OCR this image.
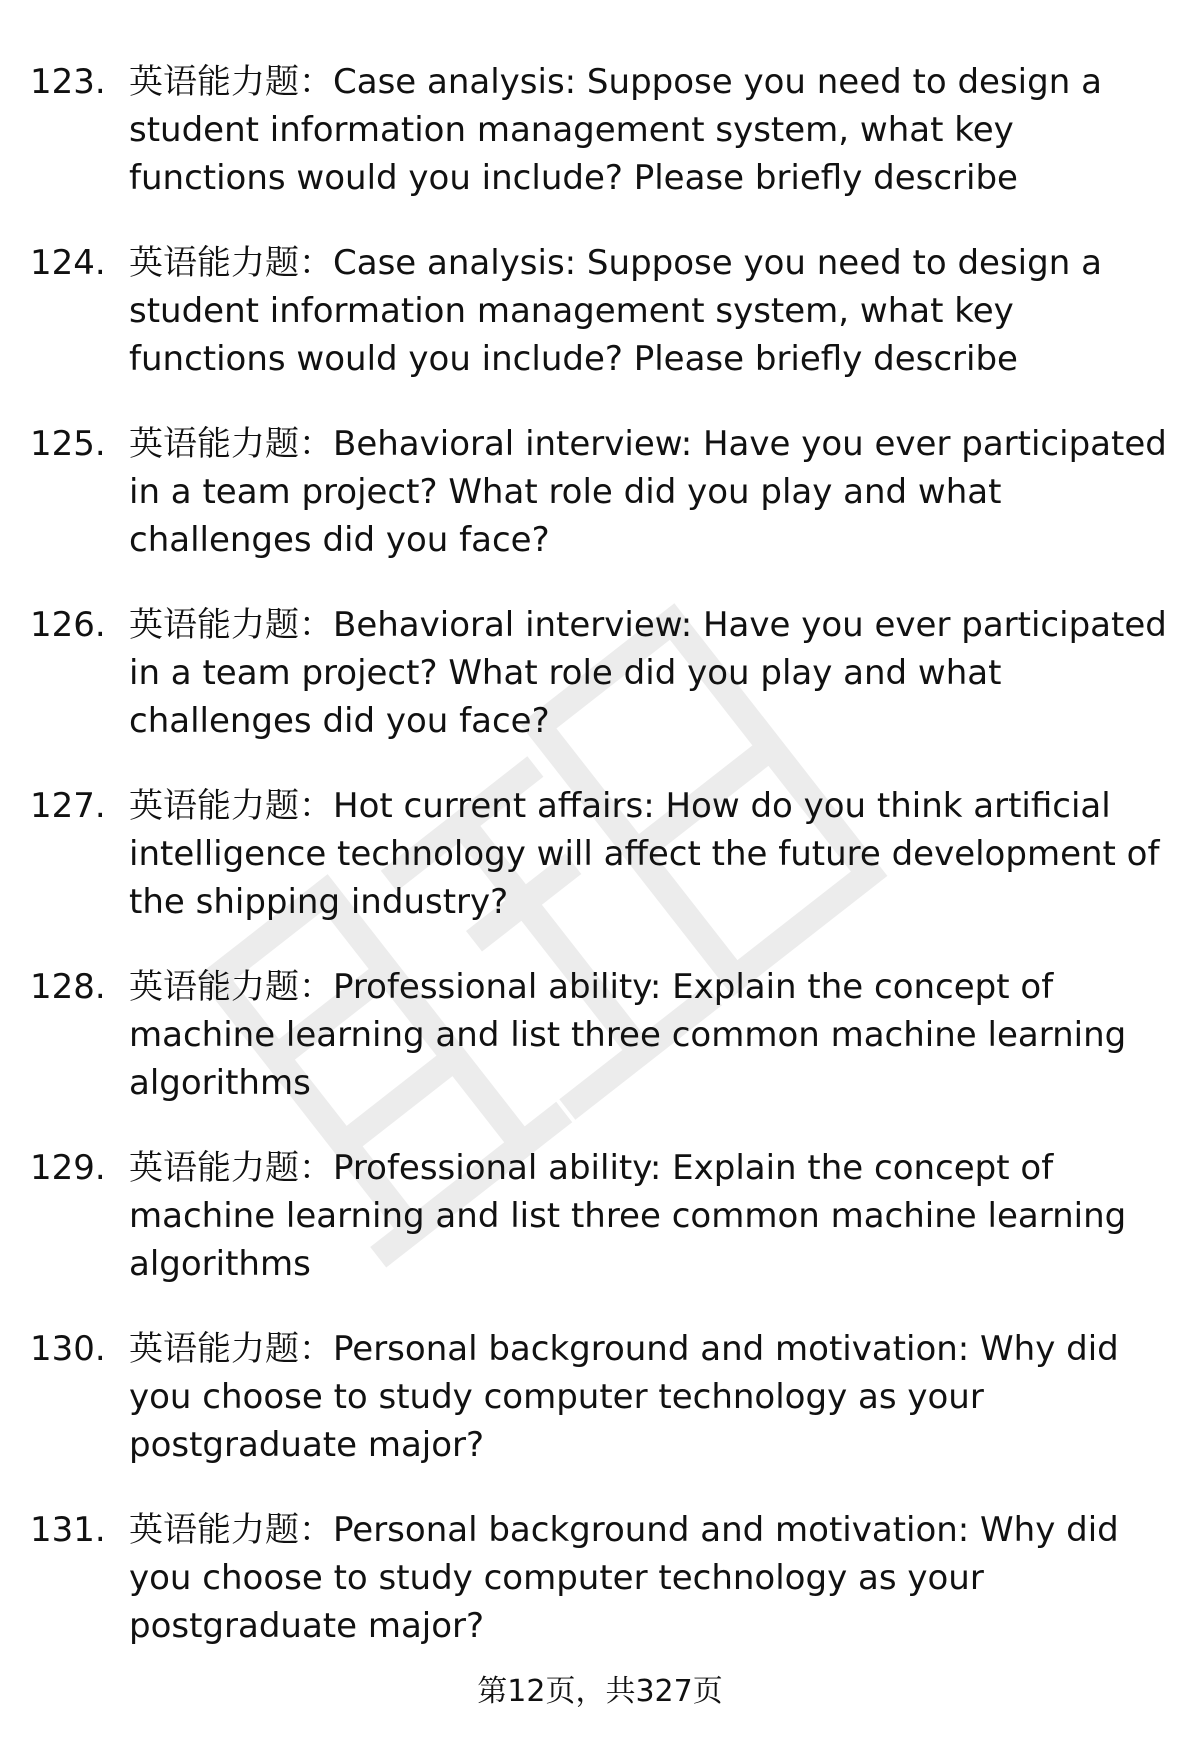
123. 英语能力题：Case analysis: Suppose you need to design a student information management system, what key functions would you include? Please briefly describe
124. 英语能力题：Case analysis: Suppose you need to design a student information management system, what key functions would you include? Please briefly describe
125. 英语能力题：Behavioral interview: Have you ever participated in a team project? What role did you play and what challenges did you face?
126. 英语能力题：Behavioral interview: Have you ever participated in a team project? What role did you play and what challenges did you face?
127. 英语能力题：Hot current affairs: How do you think artificial intelligence technology will affect the future development of the shipping industry?
128. 英语能力题：Professional ability: Explain the concept of machine learning and list three common machine learning algorithms
129. 英语能力题：Professional ability: Explain the concept of machine learning and list three common machine learning algorithms
130. 英语能力题：Personal background and motivation: Why did you choose to study computer technology as your postgraduate major?
131. 英语能力题：Personal background and motivation: Why did you choose to study computer technology as your postgraduate major?
第12页，共327页
